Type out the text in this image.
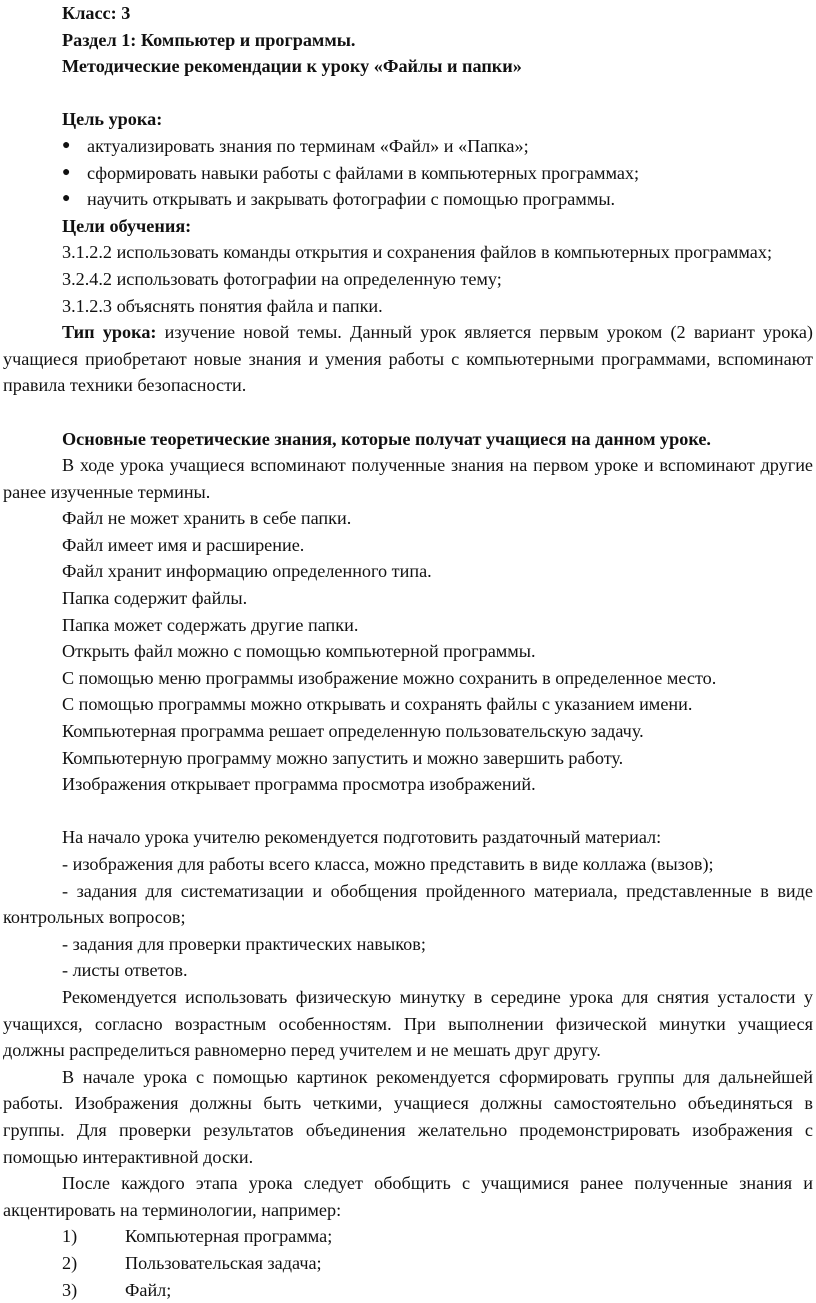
Класс: 3

Раздел 1: Компьютер и программы.

Методические рекомендации к уроку «Файлы и папки»

Цель урока:

● актуализировать знания по терминам «Файл» и «Папка»;

● сформировать навыки работы с файлами в компьютерных программах;

● научить открывать и закрывать фотографии с помощью программы.

Цели обучения:

3.1.2.2 использовать команды открытия и сохранения файлов в компьютерных программах;

3.2.4.2 использовать фотографии на определенную тему;

3.1.2.3 объяснять понятия файла и папки.

Тип урока: изучение новой темы. Данный урок является первым уроком (2 вариант урока) учащиеся приобретают новые знания и умения работы с компьютерными программами, вспоминают правила техники безопасности.

Основные теоретические знания, которые получат учащиеся на данном уроке.

В ходе урока учащиеся вспоминают полученные знания на первом уроке и вспоминают другие ранее изученные термины.

Файл не может хранить в себе папки.

Файл имеет имя и расширение.

Файл хранит информацию определенного типа.

Папка содержит файлы.

Папка может содержать другие папки.

Открыть файл можно с помощью компьютерной программы.

С помощью меню программы изображение можно сохранить в определенное место.

С помощью программы можно открывать и сохранять файлы с указанием имени.

Компьютерная программа решает определенную пользовательскую задачу.

Компьютерную программу можно запустить и можно завершить работу.

Изображения открывает программа просмотра изображений.

На начало урока учителю рекомендуется подготовить раздаточный материал:

- изображения для работы всего класса, можно представить в виде коллажа (вызов);

- задания для систематизации и обобщения пройденного материала, представленные в виде контрольных вопросов;

- задания для проверки практических навыков;

- листы ответов.

Рекомендуется использовать физическую минутку в середине урока для снятия усталости у учащихся, согласно возрастным особенностям. При выполнении физической минутки учащиеся должны распределиться равномерно перед учителем и не мешать друг другу.

В начале урока с помощью картинок рекомендуется сформировать группы для дальнейшей работы. Изображения должны быть четкими, учащиеся должны самостоятельно объединяться в группы. Для проверки результатов объединения желательно продемонстрировать изображения с помощью интерактивной доски.

После каждого этапа урока следует обобщить с учащимися ранее полученные знания и акцентировать на терминологии, например:

1)	Компьютерная программа;

2)	Пользовательская задача;

3)	Файл;
